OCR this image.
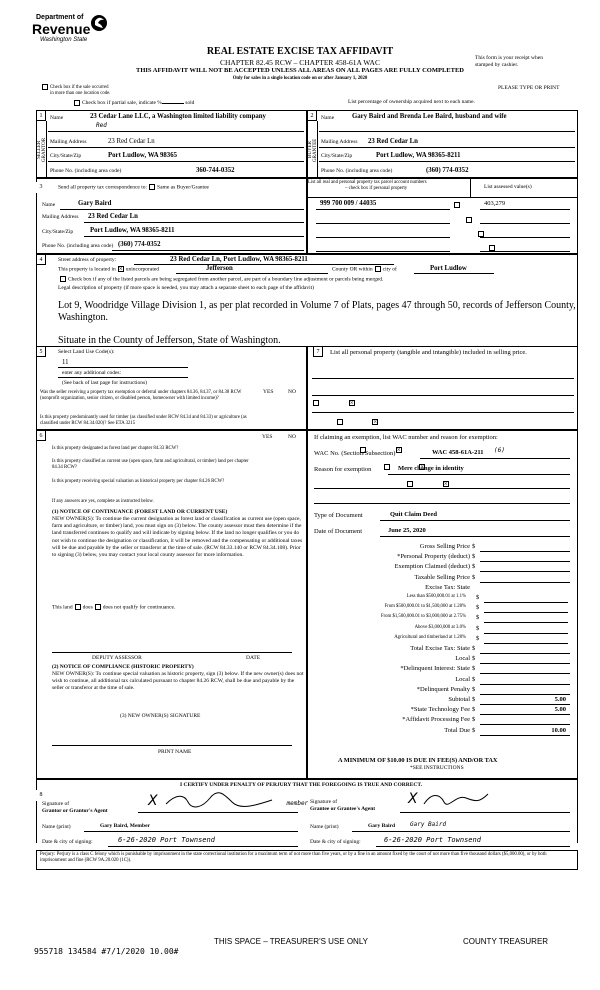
Department of
Revenue
Washington State
REAL ESTATE EXCISE TAX AFFIDAVIT
CHAPTER 82.45 RCW – CHAPTER 458-61A WAC
THIS AFFIDAVIT WILL NOT BE ACCEPTED UNLESS ALL AREAS ON ALL PAGES ARE FULLY COMPLETED
Only for sales in a single location code on or after January 1, 2020
This form is your receipt when
stamped by cashier.
PLEASE TYPE OR PRINT
Check box if the sale occurred
in more than one location code.
Check box if partial sale, indicate %	sold	List percentage of ownership acquired next to each name.
1	2
SELLER GRANTOR	BUYER GRANTEE
Name	23 Cedar Lane LLC, a Washington limited liability company
Red
Mailing Address	23 Red Cedar Ln
City/State/Zip	Port Ludlow, WA 98365
Phone No. (including area code)	360-744-0352
Name	Gary Baird and Brenda Lee Baird, husband and wife
Mailing Address 23 Red Cedar Ln
City/State/Zip	Port Ludlow, WA 98365-8211
Phone No. (including area code)	(360) 774-0352
3	Send all property tax correspondence to: Same as Buyer/Grantee
Name	Gary Baird
Mailing Address 23 Red Cedar Ln
City/State/Zip Port Ludlow, WA 98365-8211
Phone No. (including area code) (360) 774-0352
List all real and personal property tax parcel account numbers
– check box if personal property	List assessed value(s)
999 700 009 / 44035	403,279

4	Street address of property:	23 Red Cedar Ln, Port Ludlow, WA 98365-8211
This property is located in× unincorporated	Jefferson	County OR within city of	Port Ludlow
Check box if any of the listed parcels are being segregated from another parcel, are part of a boundary line adjustment or parcels being merged.
Legal description of property (if more space is needed, you may attach a separate sheet to each page of the affidavit)
Lot 9, Woodridge Village Division 1, as per plat recorded in Volume 7 of Plats, pages 47 through 50, records of Jefferson County, Washington.
Situate in the County of Jefferson, State of Washington.
5	Select Land Use Code(s):
11
enter any additional codes:
(See back of last page for instructions)
YES	NO
Was the seller receiving a property tax exemption or deferral under chapters 84.36, 84.37, or 84.38 RCW (nonprofit organization, senior citizen, or disabled person, homeowner with limited income)?
×
Is this property predominantly used for timber (as classified under RCW 84.34 and 84.33) or agriculture (as classified under RCW 84.34.020)? See ETA 3215
×
7	List all personal property (tangible and intangible) included in selling price.
6	YES	NO
Is this property designated as forest land per chapter 84.33 RCW?
×
Is this property classified as current use (open space, farm and agricultural, or timber) land per chapter 84.34 RCW?
×
Is this property receiving special valuation as historical property per chapter 84.26 RCW?
×
If any answers are yes, complete as instructed below.
(1) NOTICE OF CONTINUANCE (FOREST LAND OR CURRENT USE)
NEW OWNER(S): To continue the current designation as forest land or classification as current use (open space, farm and agriculture, or timber) land, you must sign on (3) below. The county assessor must then determine if the land transferred continues to qualify and will indicate by signing below. If the land no longer qualifies or you do not wish to continue the designation or classification, it will be removed and the compensating or additional taxes will be due and payable by the seller or transferor at the time of sale. (RCW 84.33.140 or RCW 84.34.108). Prior to signing (3) below, you may contact your local county assessor for more information.
This land does does not qualify for continuance.
DEPUTY ASSESSOR	DATE
(2) NOTICE OF COMPLIANCE (HISTORIC PROPERTY)
NEW OWNER(S): To continue special valuation as historic property, sign (3) below. If the new owner(s) does not wish to continue, all additional tax calculated pursuant to chapter 84.26 RCW, shall be due and payable by the seller or transferor at the time of sale.
(3) NEW OWNER(S) SIGNATURE
PRINT NAME
If claiming an exemption, list WAC number and reason for exemption:
WAC No. (Section/Subsection)	WAC 458-61A-211 (6)
Reason for exemption	Mere change in identity
Type of Document	Quit Claim Deed
Date of Document	June 25, 2020
Gross Selling Price $
*Personal Property (deduct) $
Exemption Claimed (deduct) $
Taxable Selling Price $
Excise Tax: State
Less than $500,000.01 at 1.1% $
From $500,000.01 to $1,500,000 at 1.28% $
From $1,500,000.01 to $3,000,000 at 2.75% $
Above $3,000,000 at 3.0% $
Agricultural and timberland at 1.28% $
Total Excise Tax: State $
Local $
*Delinquent Interest: State $
Local $
*Delinquent Penalty $
Subtotal $	5.00
*State Technology Fee $	5.00
*Affidavit Processing Fee $
Total Due $	10.00
A MINIMUM OF $10.00 IS DUE IN FEE(S) AND/OR TAX
*SEE INSTRUCTIONS
8
I CERTIFY UNDER PENALTY OF PERJURY THAT THE FOREGOING IS TRUE AND CORRECT.
Signature of
Grantor or Grantor's Agent
X	member Signature of
Grantee or Grantee's Agent
X
Name (print)	Gary Baird, Member	Name (print)	Gary Baird Gary Baird
Date & city of signing:	6-26-2020 Port Townsend	Date & city of signing:	6-26-2020 Port Townsend
Perjury: Perjury is a class C felony which is punishable by imprisonment in the state correctional institution for a maximum term of not more than five years, or by a fine in an amount fixed by the court of not more than five thousand dollars ($5,000.00), or by both imprisonment and fine (RCW 9A.20.020 (1C)).
955718 134584 #7/1/2020 10.00#
THIS SPACE – TREASURER'S USE ONLY	COUNTY TREASURER
